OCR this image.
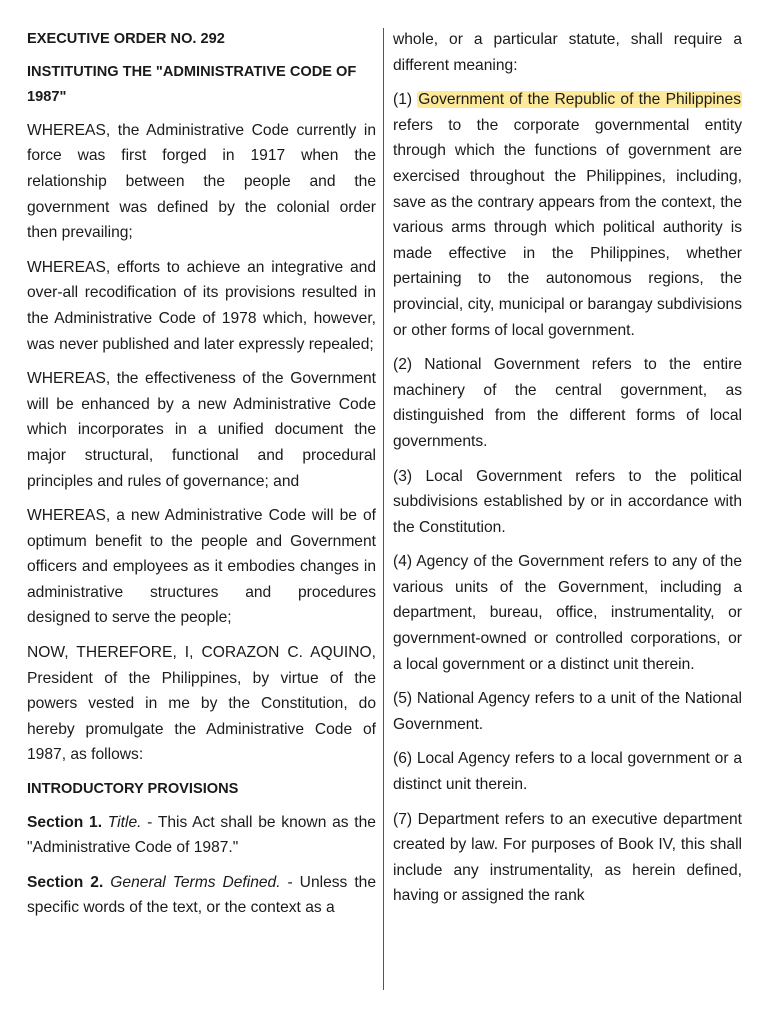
EXECUTIVE ORDER NO. 292

INSTITUTING THE "ADMINISTRATIVE CODE OF 1987"

WHEREAS, the Administrative Code currently in force was first forged in 1917 when the relationship between the people and the government was defined by the colonial order then prevailing;

WHEREAS, efforts to achieve an integrative and over-all recodification of its provisions resulted in the Administrative Code of 1978 which, however, was never published and later expressly repealed;

WHEREAS, the effectiveness of the Government will be enhanced by a new Administrative Code which incorporates in a unified document the major structural, functional and procedural principles and rules of governance; and

WHEREAS, a new Administrative Code will be of optimum benefit to the people and Government officers and employees as it embodies changes in administrative structures and procedures designed to serve the people;

NOW, THEREFORE, I, CORAZON C. AQUINO, President of the Philippines, by virtue of the powers vested in me by the Constitution, do hereby promulgate the Administrative Code of 1987, as follows:

INTRODUCTORY PROVISIONS

Section 1. Title. - This Act shall be known as the "Administrative Code of 1987."

Section 2. General Terms Defined. - Unless the specific words of the text, or the context as a

whole, or a particular statute, shall require a different meaning:

(1) Government of the Republic of the Philippines refers to the corporate governmental entity through which the functions of government are exercised throughout the Philippines, including, save as the contrary appears from the context, the various arms through which political authority is made effective in the Philippines, whether pertaining to the autonomous regions, the provincial, city, municipal or barangay subdivisions or other forms of local government.

(2) National Government refers to the entire machinery of the central government, as distinguished from the different forms of local governments.

(3) Local Government refers to the political subdivisions established by or in accordance with the Constitution.

(4) Agency of the Government refers to any of the various units of the Government, including a department, bureau, office, instrumentality, or government-owned or controlled corporations, or a local government or a distinct unit therein.

(5) National Agency refers to a unit of the National Government.

(6) Local Agency refers to a local government or a distinct unit therein.

(7) Department refers to an executive department created by law. For purposes of Book IV, this shall include any instrumentality, as herein defined, having or assigned the rank
